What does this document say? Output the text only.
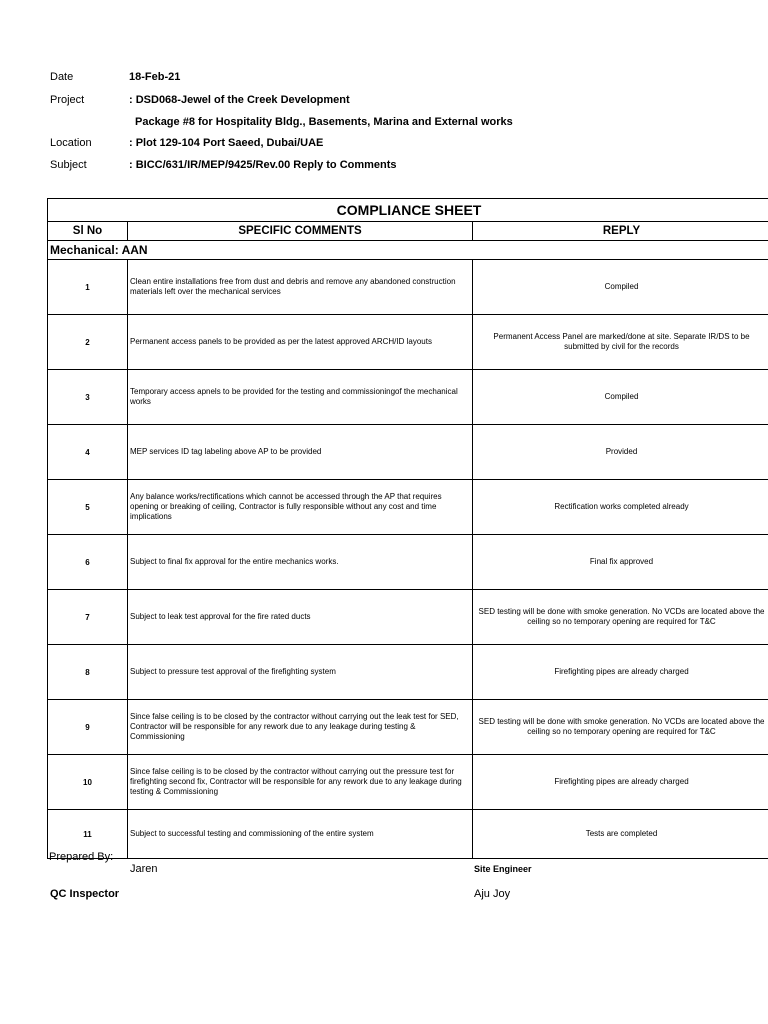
Date	18-Feb-21
Project	: DSD068-Jewel of the Creek Development
Package #8 for Hospitality Bldg., Basements, Marina and External works
Location	: Plot 129-104 Port Saeed, Dubai/UAE
Subject	: BICC/631/IR/MEP/9425/Rev.00 Reply to Comments
COMPLIANCE SHEET		
Sl No	SPECIFIC COMMENTS	REPLY
Mechanical: AAN		
1	Clean entire installations free from dust and debris and remove any abandoned construction materials left over the mechanical services	Compiled
2	Permanent access panels to be provided as per the latest approved ARCH/ID layouts	Permanent Access Panel are marked/done at site. Separate IR/DS to be submitted by civil for the records
3	Temporary access apnels to be provided for the testing and commissioningof the mechanical works	Compiled
4	MEP services ID tag labeling above AP to be provided	Provided
5	Any balance works/rectifications which cannot be accessed through the AP that requires opening or breaking of ceiling, Contractor is fully responsible without any cost and time implications	Rectification works completed already
6	Subject to final fix approval for the entire mechanics works.	Final fix approved
7	Subject to leak test approval for the fire rated ducts	SED testing will be done with smoke generation. No VCDs are located above the ceiling so no temporary opening are required for T&C
8	Subject to pressure test approval of the firefighting system	Firefighting pipes are already charged
9	Since false ceiling is to be closed by the contractor without carrying out the leak test for SED, Contractor will be responsible for any rework due to any leakage during testing & Commissioning	SED testing will be done with smoke generation. No VCDs are located above the ceiling so no temporary opening are required for T&C
10	Since false ceiling is to be closed by the contractor without carrying out the pressure test for firefighting second fix, Contractor will be responsible for any rework due to any leakage during testing & Commissioning	Firefighting pipes are already charged
11	Subject to successful testing and commissioning of the entire system	Tests are completed
Prepared By:
Jaren	Site Engineer
QC Inspector	Aju Joy
